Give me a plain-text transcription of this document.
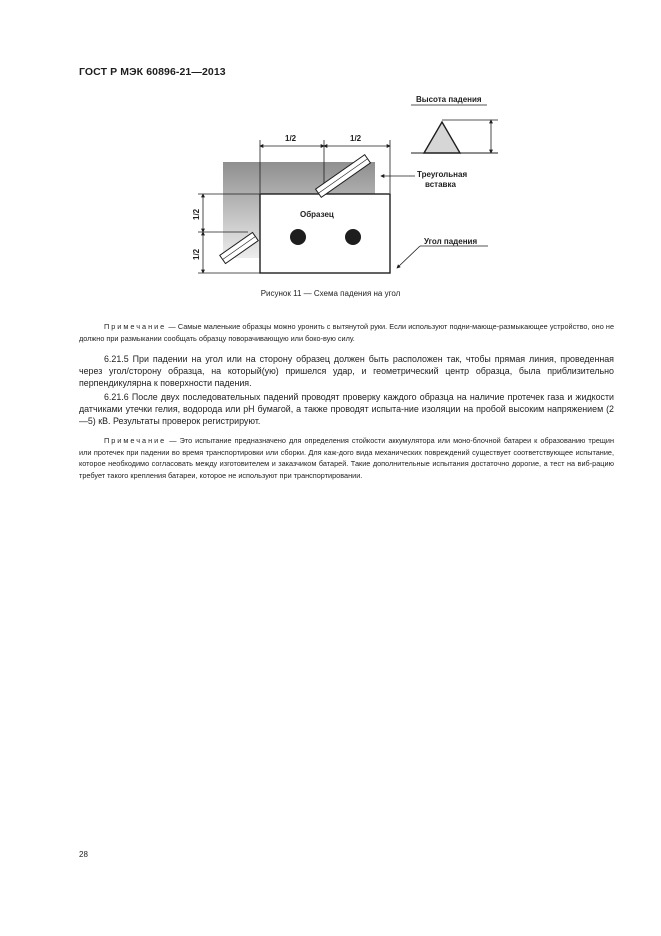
ГОСТ Р МЭК 60896-21—2013
1/2	1/2
1/2
1/2
Образец
Высота падения
Треугольная
вставка
Угол падения
Рисунок 11 — Схема падения на угол
Примечание — Самые маленькие образцы можно уронить с вытянутой руки. Если используют подни-мающе-размыкающее устройство, оно не должно при размыкании сообщать образцу поворачивающую или боко-вую силу.
6.21.5 При падении на угол или на сторону образец должен быть расположен так, чтобы прямая линия, проведенная через угол/сторону образца, на который(ую) пришелся удар, и геометрический центр образца, была приблизительно перпендикулярна к поверхности падения.
6.21.6 После двух последовательных падений проводят проверку каждого образца на наличие протечек газа и жидкости датчиками утечки гелия, водорода или pH бумагой, а также проводят испыта-ние изоляции на пробой высоким напряжением (2—5) кВ. Результаты проверок регистрируют.
Примечание — Это испытание предназначено для определения стойкости аккумулятора или моно-блочной батареи к образованию трещин или протечек при падении во время транспортировки или сборки. Для каж-дого вида механических повреждений существует соответствующее испытание, которое необходимо согласовать между изготовителем и заказчиком батарей. Такие дополнительные испытания достаточно дорогие, а тест на виб-рацию требует такого крепления батареи, которое не используют при транспортировании.
28
